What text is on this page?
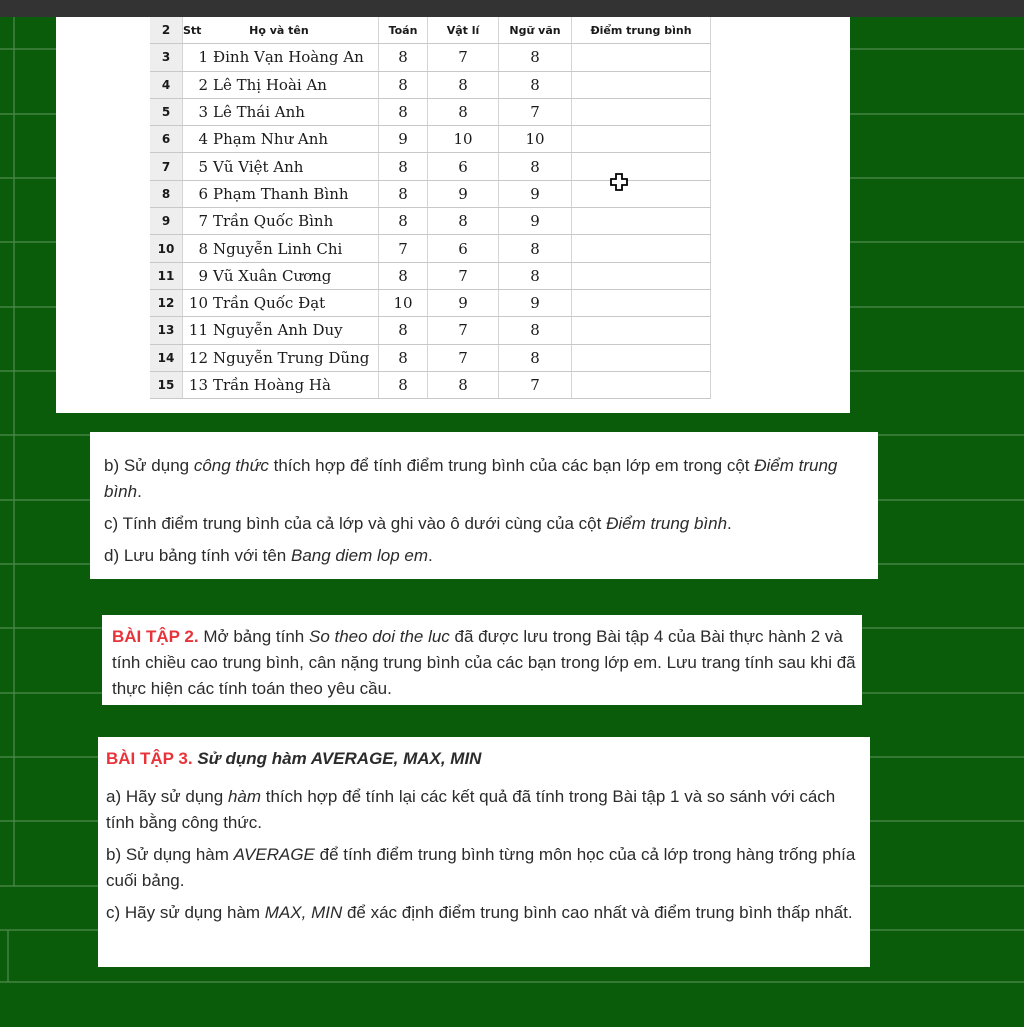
2	Stt Họ và tên	Toán	Vật lí	Ngữ văn	Điểm trung bình
3	1 Đinh Vạn Hoàng An	8	7	8	
4	2 Lê Thị Hoài An	8	8	8	
5	3 Lê Thái Anh	8	8	7	
6	4 Phạm Như Anh	9	10	10	
7	5 Vũ Việt Anh	8	6	8	
8	6 Phạm Thanh Bình	8	9	9	
9	7 Trần Quốc Bình	8	8	9	
10	8 Nguyễn Linh Chi	7	6	8	
11	9 Vũ Xuân Cương	8	7	8	
12	10 Trần Quốc Đạt	10	9	9	
13	11 Nguyễn Anh Duy	8	7	8	
14	12 Nguyễn Trung Dũng	8	7	8	
15	13 Trần Hoàng Hà	8	8	7	

b) Sử dụng công thức thích hợp để tính điểm trung bình của các bạn lớp em trong cột Điểm trung bình.

c) Tính điểm trung bình của cả lớp và ghi vào ô dưới cùng của cột Điểm trung bình.

d) Lưu bảng tính với tên Bang diem lop em.

BÀI TẬP 2. Mở bảng tính So theo doi the luc đã được lưu trong Bài tập 4 của Bài thực hành 2 và tính chiều cao trung bình, cân nặng trung bình của các bạn trong lớp em. Lưu trang tính sau khi đã thực hiện các tính toán theo yêu cầu.

BÀI TẬP 3. Sử dụng hàm AVERAGE, MAX, MIN

a) Hãy sử dụng hàm thích hợp để tính lại các kết quả đã tính trong Bài tập 1 và so sánh với cách tính bằng công thức.

b) Sử dụng hàm AVERAGE để tính điểm trung bình từng môn học của cả lớp trong hàng trống phía cuối bảng.

c) Hãy sử dụng hàm MAX, MIN để xác định điểm trung bình cao nhất và điểm trung bình thấp nhất.
